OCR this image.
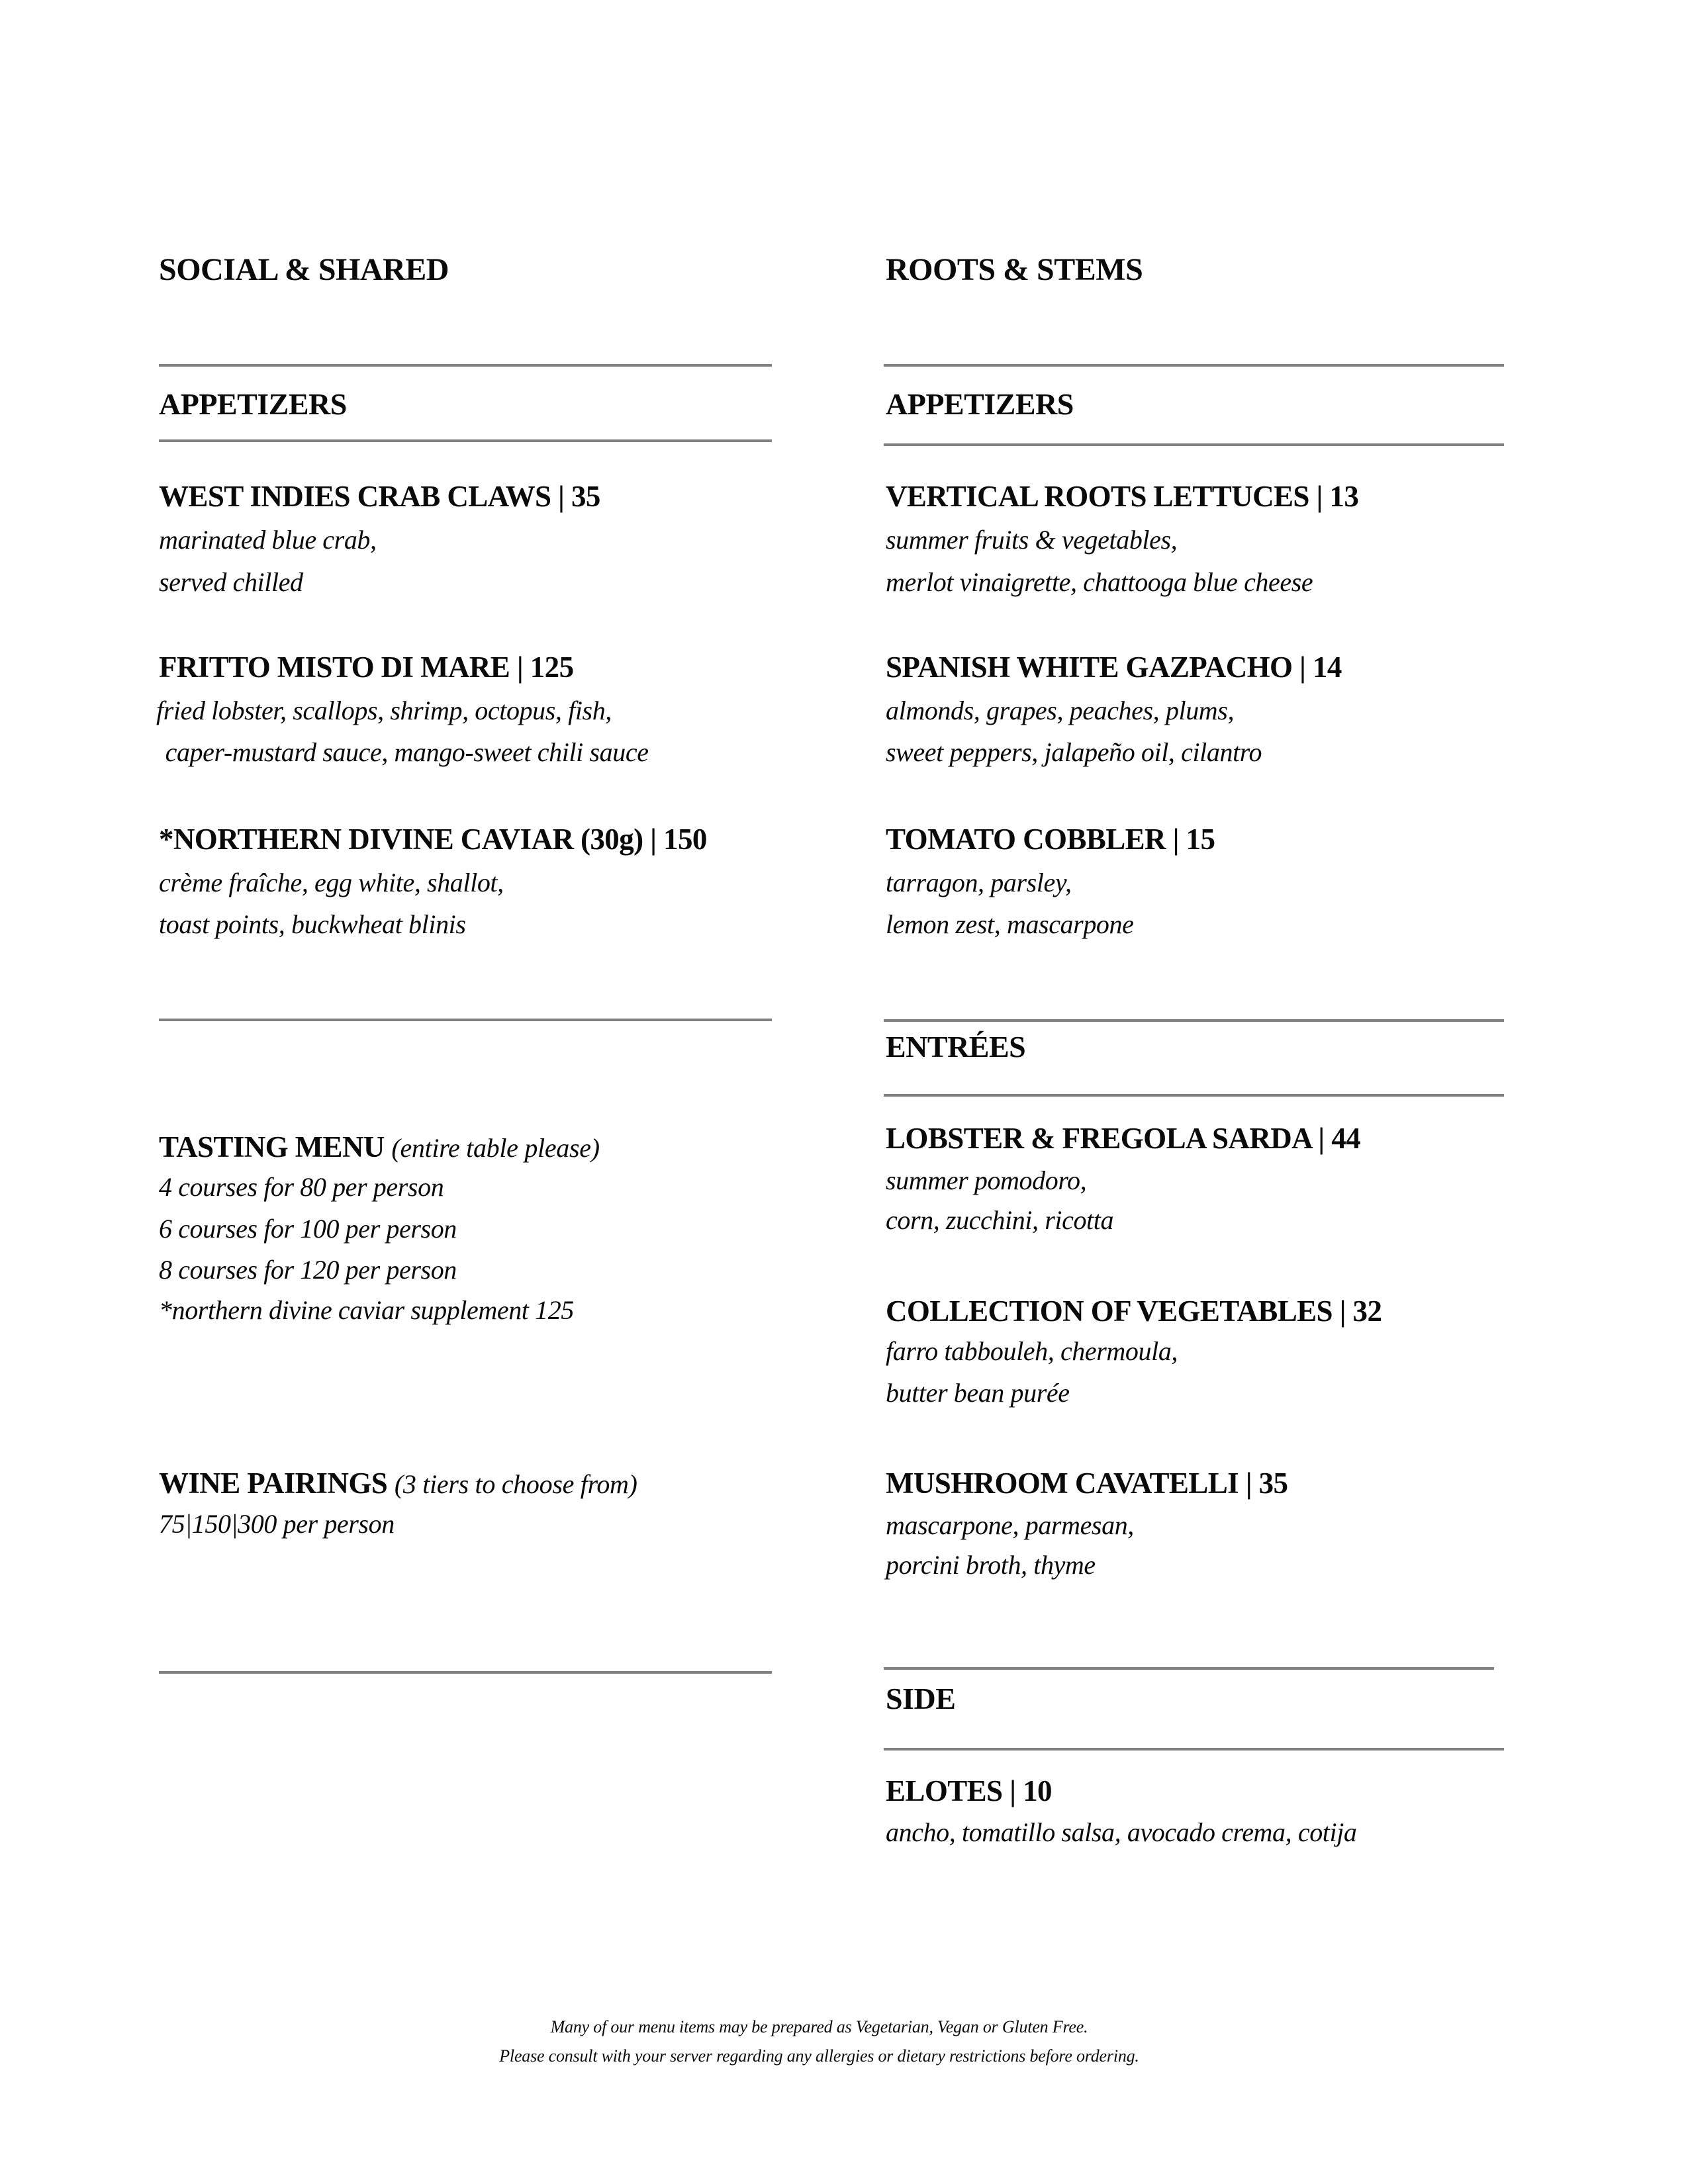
SOCIAL & SHARED
APPETIZERS
WEST INDIES CRAB CLAWS | 35
marinated blue crab,
served chilled
FRITTO MISTO DI MARE | 125
fried lobster, scallops, shrimp, octopus, fish,
caper-mustard sauce, mango-sweet chili sauce
*NORTHERN DIVINE CAVIAR (30g) | 150
crème fraîche, egg white, shallot,
toast points, buckwheat blinis
TASTING MENU (entire table please)
4 courses for 80 per person
6 courses for 100 per person
8 courses for 120 per person
*northern divine caviar supplement 125
WINE PAIRINGS (3 tiers to choose from)
75|150|300 per person
ROOTS & STEMS
APPETIZERS
VERTICAL ROOTS LETTUCES | 13
summer fruits & vegetables,
merlot vinaigrette, chattooga blue cheese
SPANISH WHITE GAZPACHO | 14
almonds, grapes, peaches, plums,
sweet peppers, jalapeño oil, cilantro
TOMATO COBBLER | 15
tarragon, parsley,
lemon zest, mascarpone
ENTRÉES
LOBSTER & FREGOLA SARDA | 44
summer pomodoro,
corn, zucchini, ricotta
COLLECTION OF VEGETABLES | 32
farro tabbouleh, chermoula,
butter bean purée
MUSHROOM CAVATELLI | 35
mascarpone, parmesan,
porcini broth, thyme
SIDE
ELOTES | 10
ancho, tomatillo salsa, avocado crema, cotija
Many of our menu items may be prepared as Vegetarian, Vegan or Gluten Free.
Please consult with your server regarding any allergies or dietary restrictions before ordering.
